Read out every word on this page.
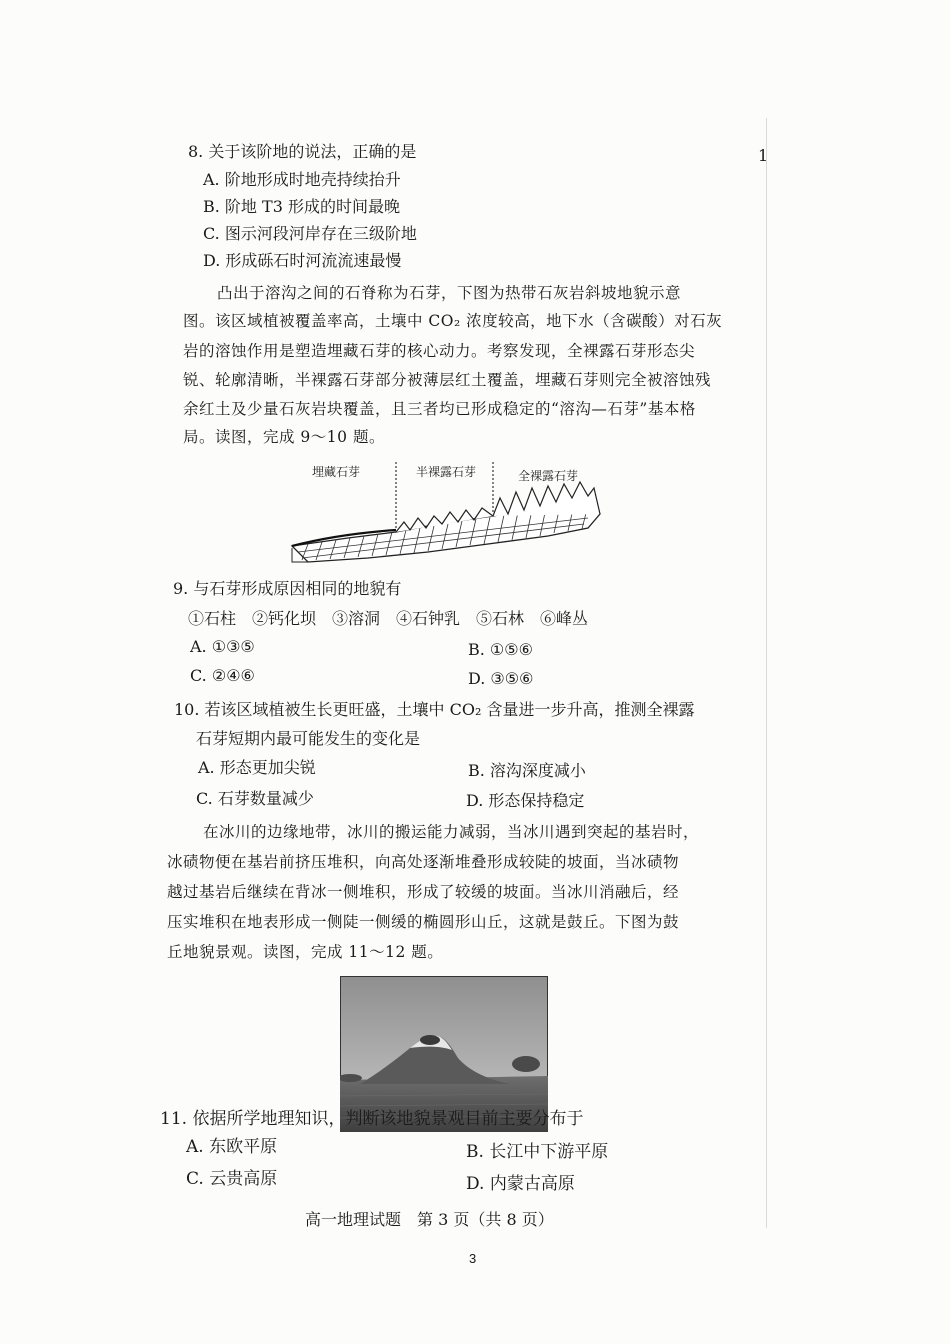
1
8. 关于该阶地的说法，正确的是
A. 阶地形成时地壳持续抬升
B. 阶地 T3 形成的时间最晚
C. 图示河段河岸存在三级阶地
D. 形成砾石时河流流速最慢
凸出于溶沟之间的石脊称为石芽，下图为热带石灰岩斜坡地貌示意
图。该区域植被覆盖率高，土壤中 CO₂ 浓度较高，地下水（含碳酸）对石灰
岩的溶蚀作用是塑造埋藏石芽的核心动力。考察发现，全裸露石芽形态尖
锐、轮廓清晰，半裸露石芽部分被薄层红土覆盖，埋藏石芽则完全被溶蚀残
余红土及少量石灰岩块覆盖，且三者均已形成稳定的“溶沟—石芽”基本格
局。读图，完成 9～10 题。
埋藏石芽	半裸露石芽	全裸露石芽
9. 与石芽形成原因相同的地貌有
①石柱　②钙化坝　③溶洞　④石钟乳　⑤石林　⑥峰丛
A. ①③⑤	B. ①⑤⑥
C. ②④⑥	D. ③⑤⑥
10. 若该区域植被生长更旺盛，土壤中 CO₂ 含量进一步升高，推测全裸露
石芽短期内最可能发生的变化是
A. 形态更加尖锐	B. 溶沟深度减小
C. 石芽数量减少	D. 形态保持稳定
在冰川的边缘地带，冰川的搬运能力减弱，当冰川遇到突起的基岩时，
冰碛物便在基岩前挤压堆积，向高处逐渐堆叠形成较陡的坡面，当冰碛物
越过基岩后继续在背冰一侧堆积，形成了较缓的坡面。当冰川消融后，经
压实堆积在地表形成一侧陡一侧缓的椭圆形山丘，这就是鼓丘。下图为鼓
丘地貌景观。读图，完成 11～12 题。
11. 依据所学地理知识，判断该地貌景观目前主要分布于
A. 东欧平原	B. 长江中下游平原
C. 云贵高原	D. 内蒙古高原
高一地理试题　第 3 页（共 8 页）
3
